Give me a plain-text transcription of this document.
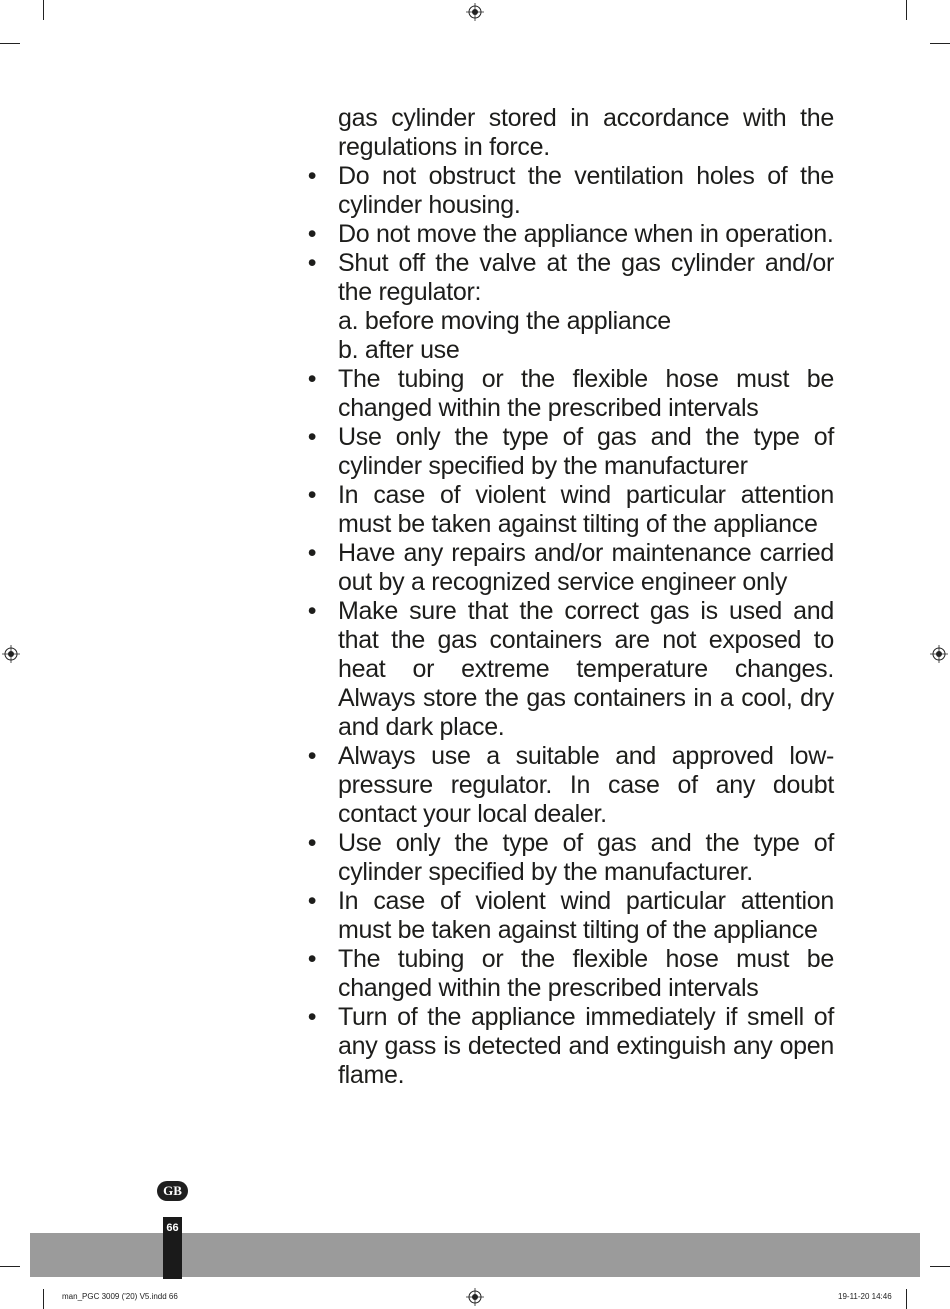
gas cylinder stored in accordance with the regulations in force.
• Do not obstruct the ventilation holes of the cylinder housing.
• Do not move the appliance when in operation.
• Shut off the valve at the gas cylinder and/or the regulator:
a. before moving the appliance
b. after use
• The tubing or the flexible hose must be changed within the prescribed intervals
• Use only the type of gas and the type of cylinder specified by the manufacturer
• In case of violent wind particular attention must be taken against tilting of the appliance
• Have any repairs and/or maintenance carried out by a recognized service engineer only
• Make sure that the correct gas is used and that the gas containers are not exposed to heat or extreme temperature changes. Always store the gas containers in a cool, dry and dark place.
• Always use a suitable and approved low-pressure regulator. In case of any doubt contact your local dealer.
• Use only the type of gas and the type of cylinder specified by the manufacturer.
• In case of violent wind particular attention must be taken against tilting of the appliance
• The tubing or the flexible hose must be changed within the prescribed intervals
• Turn of the appliance immediately if smell of any gass is detected and extinguish any open flame.
GB
66
man_PGC 3009 ('20) V5.indd 66	19-11-20 14:46
